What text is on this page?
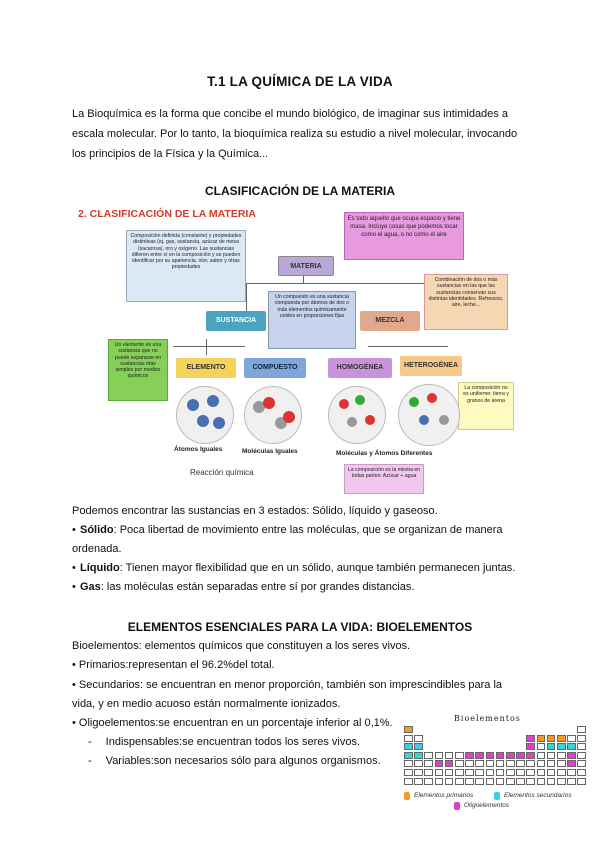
T.1 LA QUÍMICA DE LA VIDA
La Bioquímica es la forma que concibe el mundo biológico, de imaginar sus intimidades a escala molecular. Por lo tanto, la bioquímica realiza su estudio a nivel molecular, invocando los principios de la Física y la Química...
CLASIFICACIÓN DE LA MATERIA
2. CLASIFICACIÓN DE LA MATERIA
Composición definida (constante) y propiedades distintivas (ej. gas, sustancia, azúcar de mesa (sacarosa), oro y oxígeno. Las sustancias difieren entre sí en la composición y se pueden identificar por su apariencia, olor, sabor y otras propiedades
Es todo aquello que ocupa espacio y tiene masa. Incluye cosas que podemos tocar como el agua, o no como el aire
MATERIA
Un compuesto es una sustancia compuesta por átomos de dos o más elementos químicamente unidos en proporciones fijas
SUSTANCIA	MEZCLA
Combinación de dos o más sustancias en las que las sustancias conservan sus distintas identidades. Refrescos, aire, leche...
Un elemento es una sustancia que no puede separarse en sustancias más simples por medios químicos
ELEMENTO	COMPUESTO	HOMOGÉNEA	HETEROGÉNEA
La composición no es uniforme: tierra y granos de arena
Átomos Iguales	Moléculas Iguales	Moléculas y Átomos Diferentes
Reacción química	La composición es la misma en todas partes: Azúcar + agua
Podemos encontrar las sustancias en 3 estados: Sólido, líquido y gaseoso.
• Sólido: Poca libertad de movimiento entre las moléculas, que se organizan de manera
ordenada.
• Líquido: Tienen mayor flexibilidad que en un sólido, aunque también permanecen juntas.
• Gas: las moléculas están separadas entre sí por grandes distancias.
ELEMENTOS ESENCIALES PARA LA VIDA: BIOELEMENTOS
Bioelementos: elementos químicos que constituyen a los seres vivos.
• Primarios:representan el 96.2%del total.
• Secundarios: se encuentran en menor proporción, también son imprescindibles para la
vida, y en medio acuoso están normalmente ionizados.
• Oligoelementos:se encuentran en un porcentaje inferior al 0,1%.
- Indispensables:se encuentran todos los seres vivos.
- Variables:son necesarios sólo para algunos organismos.
Bioelementos
Elementos primarios	Elementos secundarios
Oligoelementos
